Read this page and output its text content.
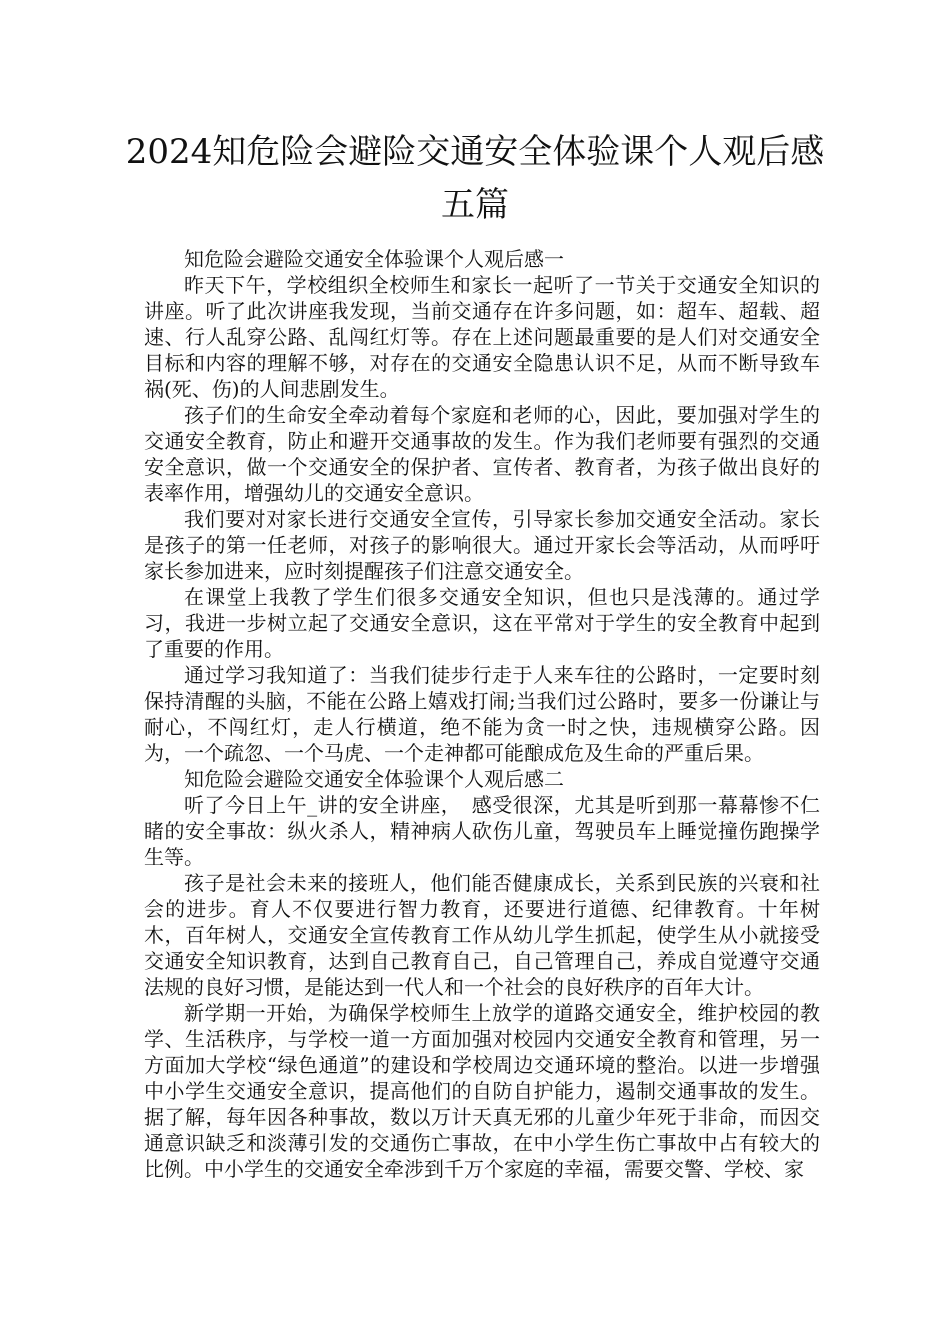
2024知危险会避险交通安全体验课个人观后感五篇

知危险会避险交通安全体验课个人观后感一

昨天下午，学校组织全校师生和家长一起听了一节关于交通安全知识的讲座。听了此次讲座我发现，当前交通存在许多问题，如：超车、超载、超速、行人乱穿公路、乱闯红灯等。存在上述问题最重要的是人们对交通安全目标和内容的理解不够，对存在的交通安全隐患认识不足，从而不断导致车祸(死、伤)的人间悲剧发生。

孩子们的生命安全牵动着每个家庭和老师的心，因此，要加强对学生的交通安全教育，防止和避开交通事故的发生。作为我们老师要有强烈的交通安全意识，做一个交通安全的保护者、宣传者、教育者，为孩子做出良好的表率作用，增强幼儿的交通安全意识。

我们要对对家长进行交通安全宣传，引导家长参加交通安全活动。家长是孩子的第一任老师，对孩子的影响很大。通过开家长会等活动，从而呼吁家长参加进来，应时刻提醒孩子们注意交通安全。

在课堂上我教了学生们很多交通安全知识，但也只是浅薄的。通过学习，我进一步树立起了交通安全意识，这在平常对于学生的安全教育中起到了重要的作用。

通过学习我知道了：当我们徒步行走于人来车往的公路时，一定要时刻保持清醒的头脑，不能在公路上嬉戏打闹;当我们过公路时，要多一份谦让与耐心，不闯红灯，走人行横道，绝不能为贪一时之快，违规横穿公路。因为，一个疏忽、一个马虎、一个走神都可能酿成危及生命的严重后果。

知危险会避险交通安全体验课个人观后感二

听了今日上午_讲的安全讲座，　感受很深，尤其是听到那一幕幕惨不仁睹的安全事故：纵火杀人，精神病人砍伤儿童，驾驶员车上睡觉撞伤跑操学生等。

孩子是社会未来的接班人，他们能否健康成长，关系到民族的兴衰和社会的进步。育人不仅要进行智力教育，还要进行道德、纪律教育。十年树木，百年树人，交通安全宣传教育工作从幼儿学生抓起，使学生从小就接受交通安全知识教育，达到自己教育自己，自己管理自己，养成自觉遵守交通法规的良好习惯，是能达到一代人和一个社会的良好秩序的百年大计。

新学期一开始，为确保学校师生上放学的道路交通安全，维护校园的教学、生活秩序，与学校一道一方面加强对校园内交通安全教育和管理，另一方面加大学校“绿色通道”的建设和学校周边交通环境的整治。以进一步增强中小学生交通安全意识，提高他们的自防自护能力，遏制交通事故的发生。据了解，每年因各种事故，数以万计天真无邪的儿童少年死于非命，而因交通意识缺乏和淡薄引发的交通伤亡事故，在中小学生伤亡事故中占有较大的比例。中小学生的交通安全牵涉到千万个家庭的幸福，需要交警、学校、家
